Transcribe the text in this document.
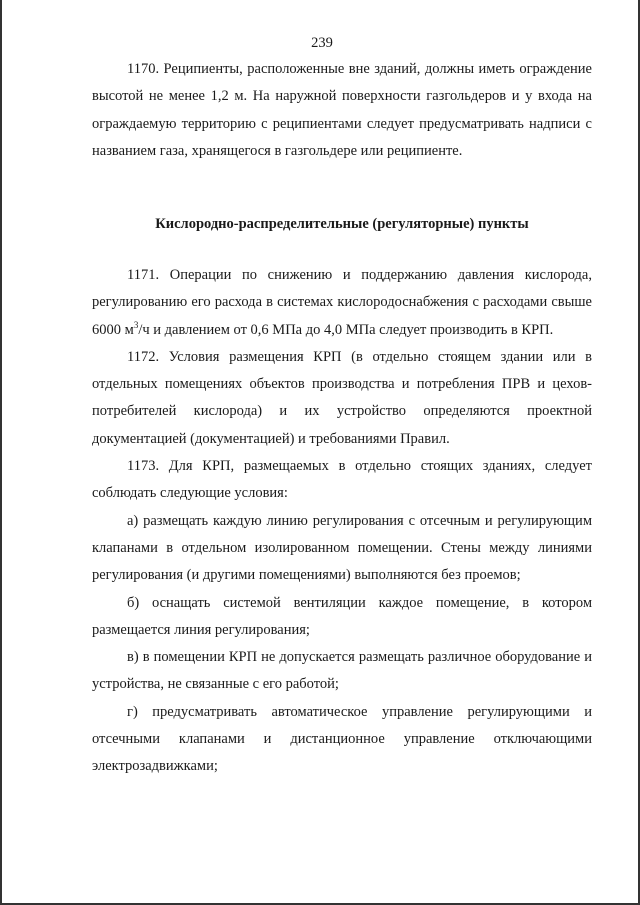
239

1170. Реципиенты, расположенные вне зданий, должны иметь ограждение высотой не менее 1,2 м. На наружной поверхности газгольдеров и у входа на ограждаемую территорию с реципиентами следует предусматривать надписи с названием газа, хранящегося в газгольдере или реципиенте.

Кислородно-распределительные (регуляторные) пункты

1171. Операции по снижению и поддержанию давления кислорода, регулированию его расхода в системах кислородоснабжения с расходами свыше 6000 $м^3/ч$ и давлением от 0,6 МПа до 4,0 МПа следует производить в КРП.

1172. Условия размещения КРП (в отдельно стоящем здании или в отдельных помещениях объектов производства и потребления ПРВ и цехов-потребителей кислорода) и их устройство определяются проектной документацией (документацией) и требованиями Правил.

1173. Для КРП, размещаемых в отдельно стоящих зданиях, следует соблюдать следующие условия:

а) размещать каждую линию регулирования с отсечным и регулирующим клапанами в отдельном изолированном помещении. Стены между линиями регулирования (и другими помещениями) выполняются без проемов;

б) оснащать системой вентиляции каждое помещение, в котором размещается линия регулирования;

в) в помещении КРП не допускается размещать различное оборудование и устройства, не связанные с его работой;

г) предусматривать автоматическое управление регулирующими и отсечными клапанами и дистанционное управление отключающими электрозадвижками;
